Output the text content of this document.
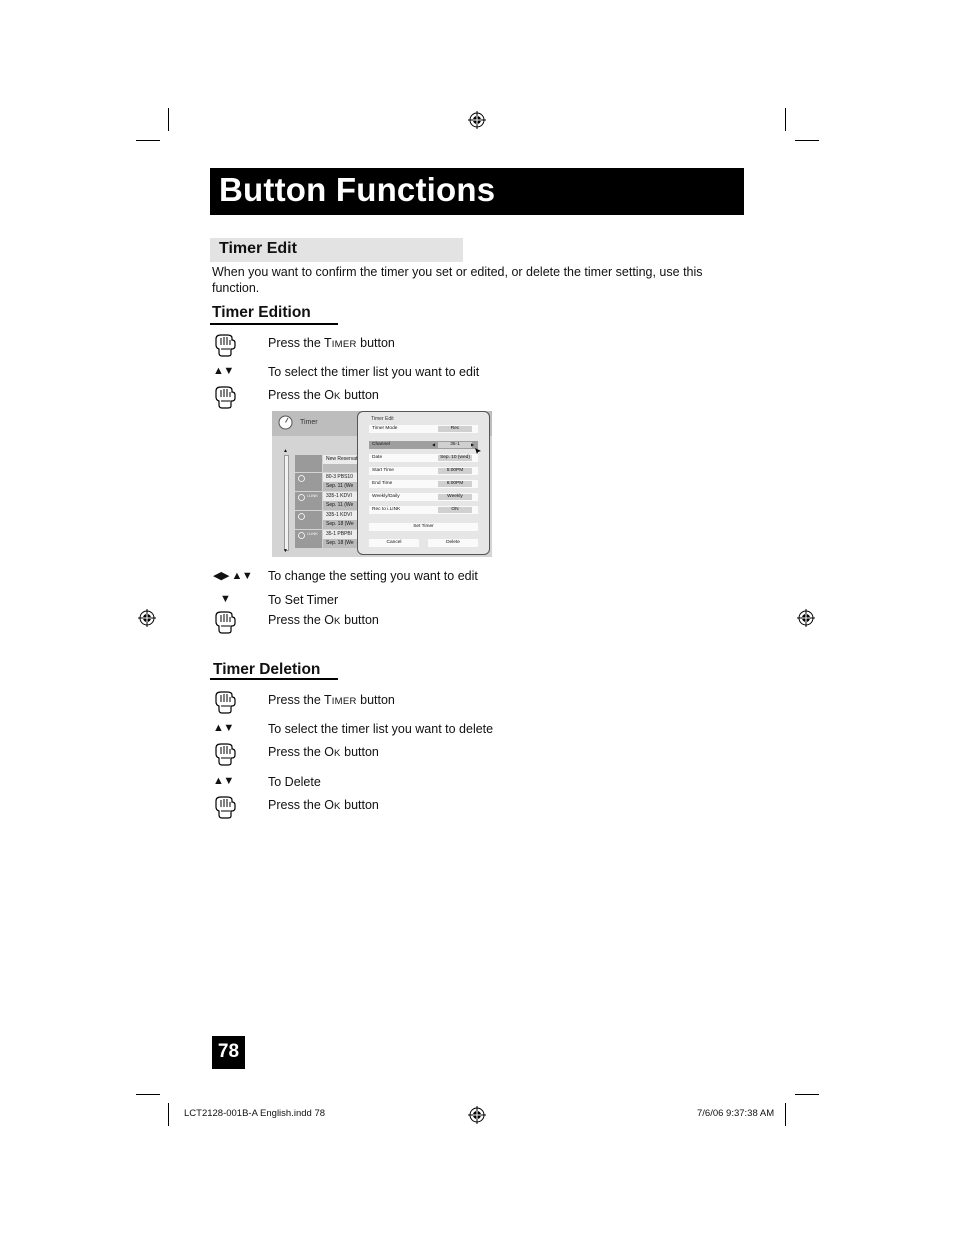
Button Functions
Timer Edit
When you want to confirm the timer you set or edited, or delete the timer setting, use this function.
Timer Edition
Press the TIMER button
▲▼	To select the timer list you want to edit
Press the OK button
Timer
▲
▼
New Reservat
80-3 PBS10
Sep. 11 (We
i.LINK	335-1 KDVI
Sep. 11 (We
335-1 KDVI
Sep. 18 (We
i.LINK	35-1 PBPBI
Sep. 18 (We
Timer Edit
Timer Mode	Rec
Channel	35-1
◀	▶
Date	Sep. 10 (wed)
Start Time	5:00PM
End Time	6:00PM
Weekly/Daily	Weekly
Rec to i.LINK	ON
Set Timer
Cancel	Delete
◀▶ ▲▼ To change the setting you want to edit
▼	To Set Timer
Press the OK button
Timer Deletion
Press the TIMER button
▲▼	To select the timer list you want to delete
Press the OK button
▲▼	To Delete
Press the OK button
78
LCT2128-001B-A English.indd 78	7/6/06 9:37:38 AM
